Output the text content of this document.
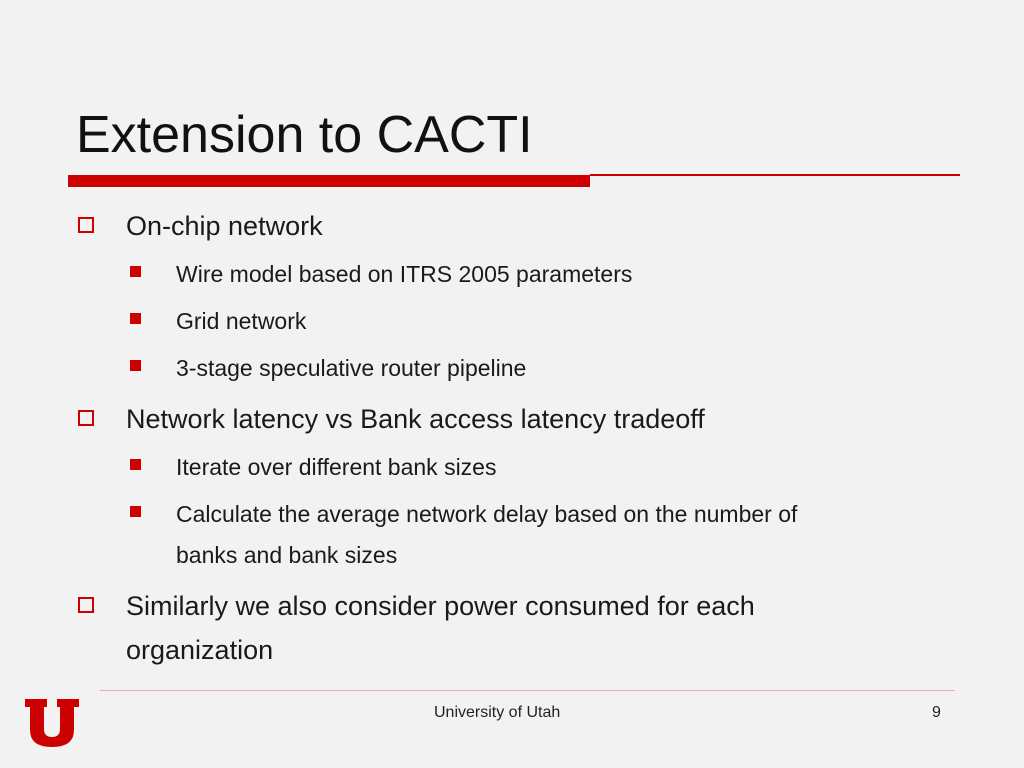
Extension to CACTI
On-chip network
Wire model based on ITRS 2005 parameters
Grid network
3-stage speculative router pipeline
Network latency vs Bank access latency tradeoff
Iterate over different bank sizes
Calculate the average network delay based on the number of
banks and bank sizes
Similarly we also consider power consumed for each
organization
University of Utah	9
